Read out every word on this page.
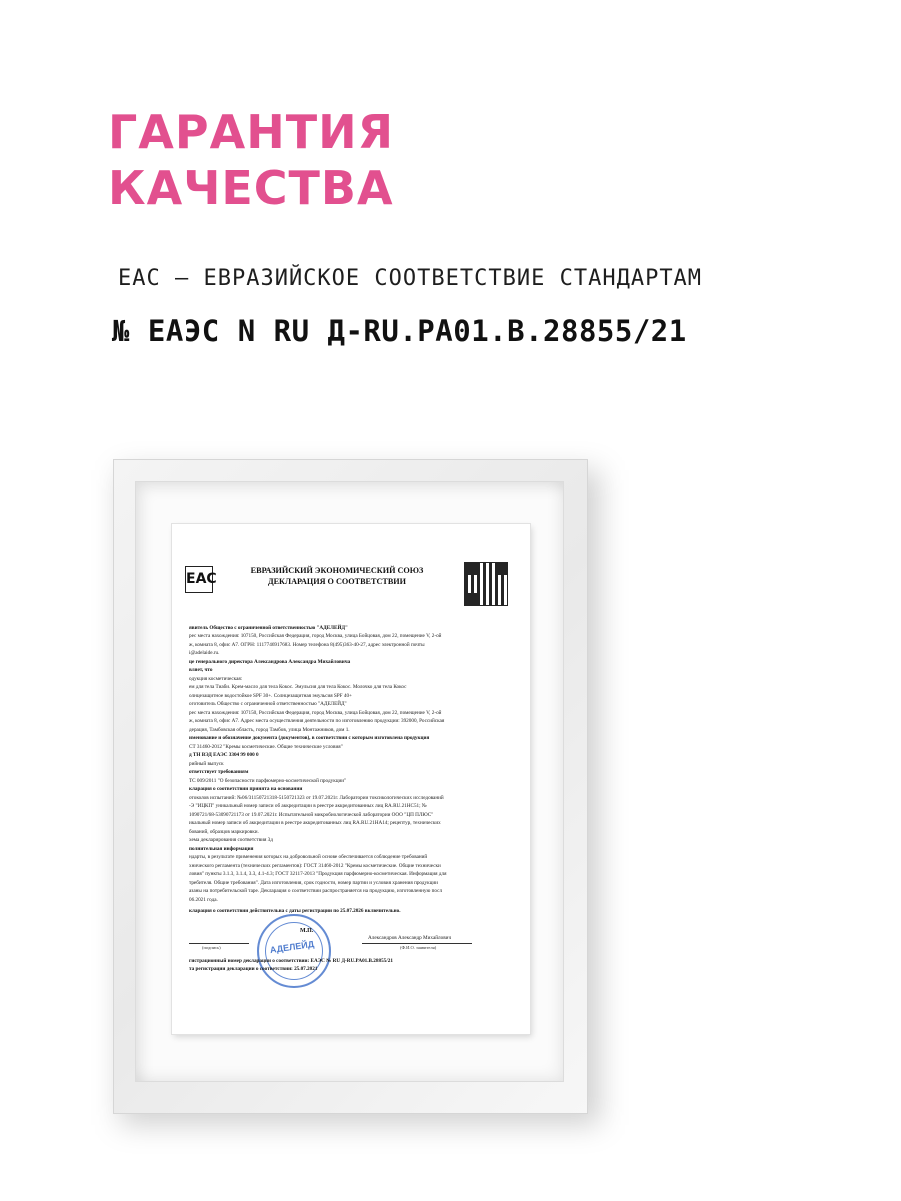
ГАРАНТИЯ
КАЧЕСТВА
ЕАС – ЕВРАЗИЙСКОЕ СООТВЕТСТВИЕ СТАНДАРТАМ
№ ЕАЭС N RU Д-RU.PA01.B.28855/21
ЕАС
ЕВРАЗИЙСКИЙ ЭКОНОМИЧЕСКИЙ СОЮЗ
ДЕКЛАРАЦИЯ О СООТВЕТСТВИИ

явитель Общество с ограниченной ответственностью "АДЕЛЕЙД"

рес места нахождения: 107150, Российская Федерация, город Москва, улица Бойцовая, дом 22, помещение V, 2-ой

ж, комната 8, офис А7. ОГРН: 1117746917683. Номер телефона 8(495)363-40-27, адрес электронной почты

i@adelaide.ru.

це генерального директора Александрова Александра Михайловича

вляет, что

одукция косметическая:

ем для тела Тиаби. Крем-масло для тела Кокос. Эмульсия для тела Кокос. Молочко для тела Кокос

олнцезащитное водостойкое SPF 30+. Солнцезащитная эмульсия SPF 40+

оготовитель Общество с ограниченной ответственностью "АДЕЛЕЙД"

рес места нахождения: 107150, Российская Федерация, город Москва, улица Бойцовая, дом 22, помещение V, 2-ой

ж, комната 8, офис А7. Адрес места осуществления деятельности по изготовлению продукции: 392000, Российская

дерация, Тамбовская область, город Тамбов, улица Монтажников, дом 1.

именование и обозначение документа (документов), в соответствии с которым изготовлена продукция

СТ 31460-2012 "Кремы косметические. Общие технические условия"

д ТН ВЭД ЕАЭС 3304 99 000 0

рийный выпуск

ответствует требованиям

ТС 009/2011 "О безопасности парфюмерно-косметической продукции"

кларация о соответствии принята на основании

отоколов испытаний: №06/31150721318-5150721323 от 19.07.2021г. Лаборатории токсикологических исследований

-Э "ИЦКП" уникальный номер записи об аккредитации в реестре аккредитованных лиц RA.RU.21НС51; №

1090721/68-53090721173 от 19.07.2021г. Испытательной микробиологической лаборатории ООО "ЦП ПЛЮС"

икальный номер записи об аккредитации в реестре аккредитованных лиц RA.RU.21НА14; рецептур, технических

бований, образцов маркировки.

хема декларирования соответствия 3д

полнительная информация

ндарты, в результате применения которых на добровольной основе обеспечивается соблюдение требований

хнического регламента (технических регламентов): ГОСТ 31460-2012 "Кремы косметические. Общие технически

ловия" пункты 3.1.3, 3.1.4, 3.3, 4.1-4.3; ГОСТ 32117-2013 "Продукция парфюмерно-косметическая. Информация для

требителя. Общие требования". Дата изготовления, срок годности, номер партии и условия хранения продукции

азаны на потребительской таре. Декларация о соответствии распространяется на продукцию, изготовленную посл

06.2021 года.

кларация о соответствии действительна с даты регистрации по 25.07.2026 включительно.

АДЕЛЕЙД
М.П.
Александров Александр Михайлович
(подпись)	(Ф.И.О. заявителя)
гистрационный номер декларации о соответствии: ЕАЭС № RU Д-RU.PA01.B.28855/21
та регистрации декларации о соответствии: 25.07.2021
